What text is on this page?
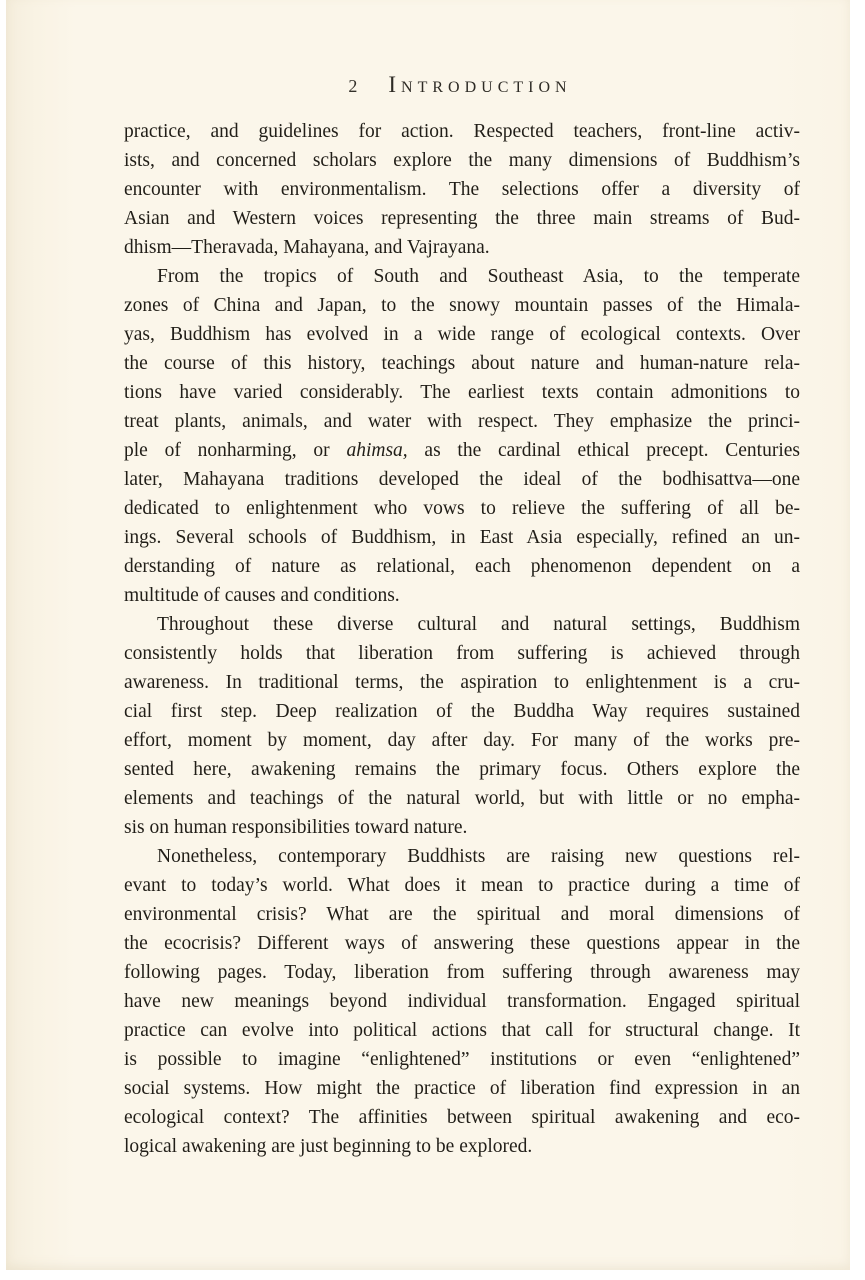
2 Introduction
practice, and guidelines for action. Respected teachers, front-line activ-
ists, and concerned scholars explore the many dimensions of Buddhism’s
encounter with environmentalism. The selections offer a diversity of
Asian and Western voices representing the three main streams of Bud-
dhism—Theravada, Mahayana, and Vajrayana.
From the tropics of South and Southeast Asia, to the temperate
zones of China and Japan, to the snowy mountain passes of the Himala-
yas, Buddhism has evolved in a wide range of ecological contexts. Over
the course of this history, teachings about nature and human-nature rela-
tions have varied considerably. The earliest texts contain admonitions to
treat plants, animals, and water with respect. They emphasize the princi-
ple of nonharming, or ahimsa, as the cardinal ethical precept. Centuries
later, Mahayana traditions developed the ideal of the bodhisattva—one
dedicated to enlightenment who vows to relieve the suffering of all be-
ings. Several schools of Buddhism, in East Asia especially, refined an un-
derstanding of nature as relational, each phenomenon dependent on a
multitude of causes and conditions.
Throughout these diverse cultural and natural settings, Buddhism
consistently holds that liberation from suffering is achieved through
awareness. In traditional terms, the aspiration to enlightenment is a cru-
cial first step. Deep realization of the Buddha Way requires sustained
effort, moment by moment, day after day. For many of the works pre-
sented here, awakening remains the primary focus. Others explore the
elements and teachings of the natural world, but with little or no empha-
sis on human responsibilities toward nature.
Nonetheless, contemporary Buddhists are raising new questions rel-
evant to today’s world. What does it mean to practice during a time of
environmental crisis? What are the spiritual and moral dimensions of
the ecocrisis? Different ways of answering these questions appear in the
following pages. Today, liberation from suffering through awareness may
have new meanings beyond individual transformation. Engaged spiritual
practice can evolve into political actions that call for structural change. It
is possible to imagine “enlightened” institutions or even “enlightened”
social systems. How might the practice of liberation find expression in an
ecological context? The affinities between spiritual awakening and eco-
logical awakening are just beginning to be explored.
